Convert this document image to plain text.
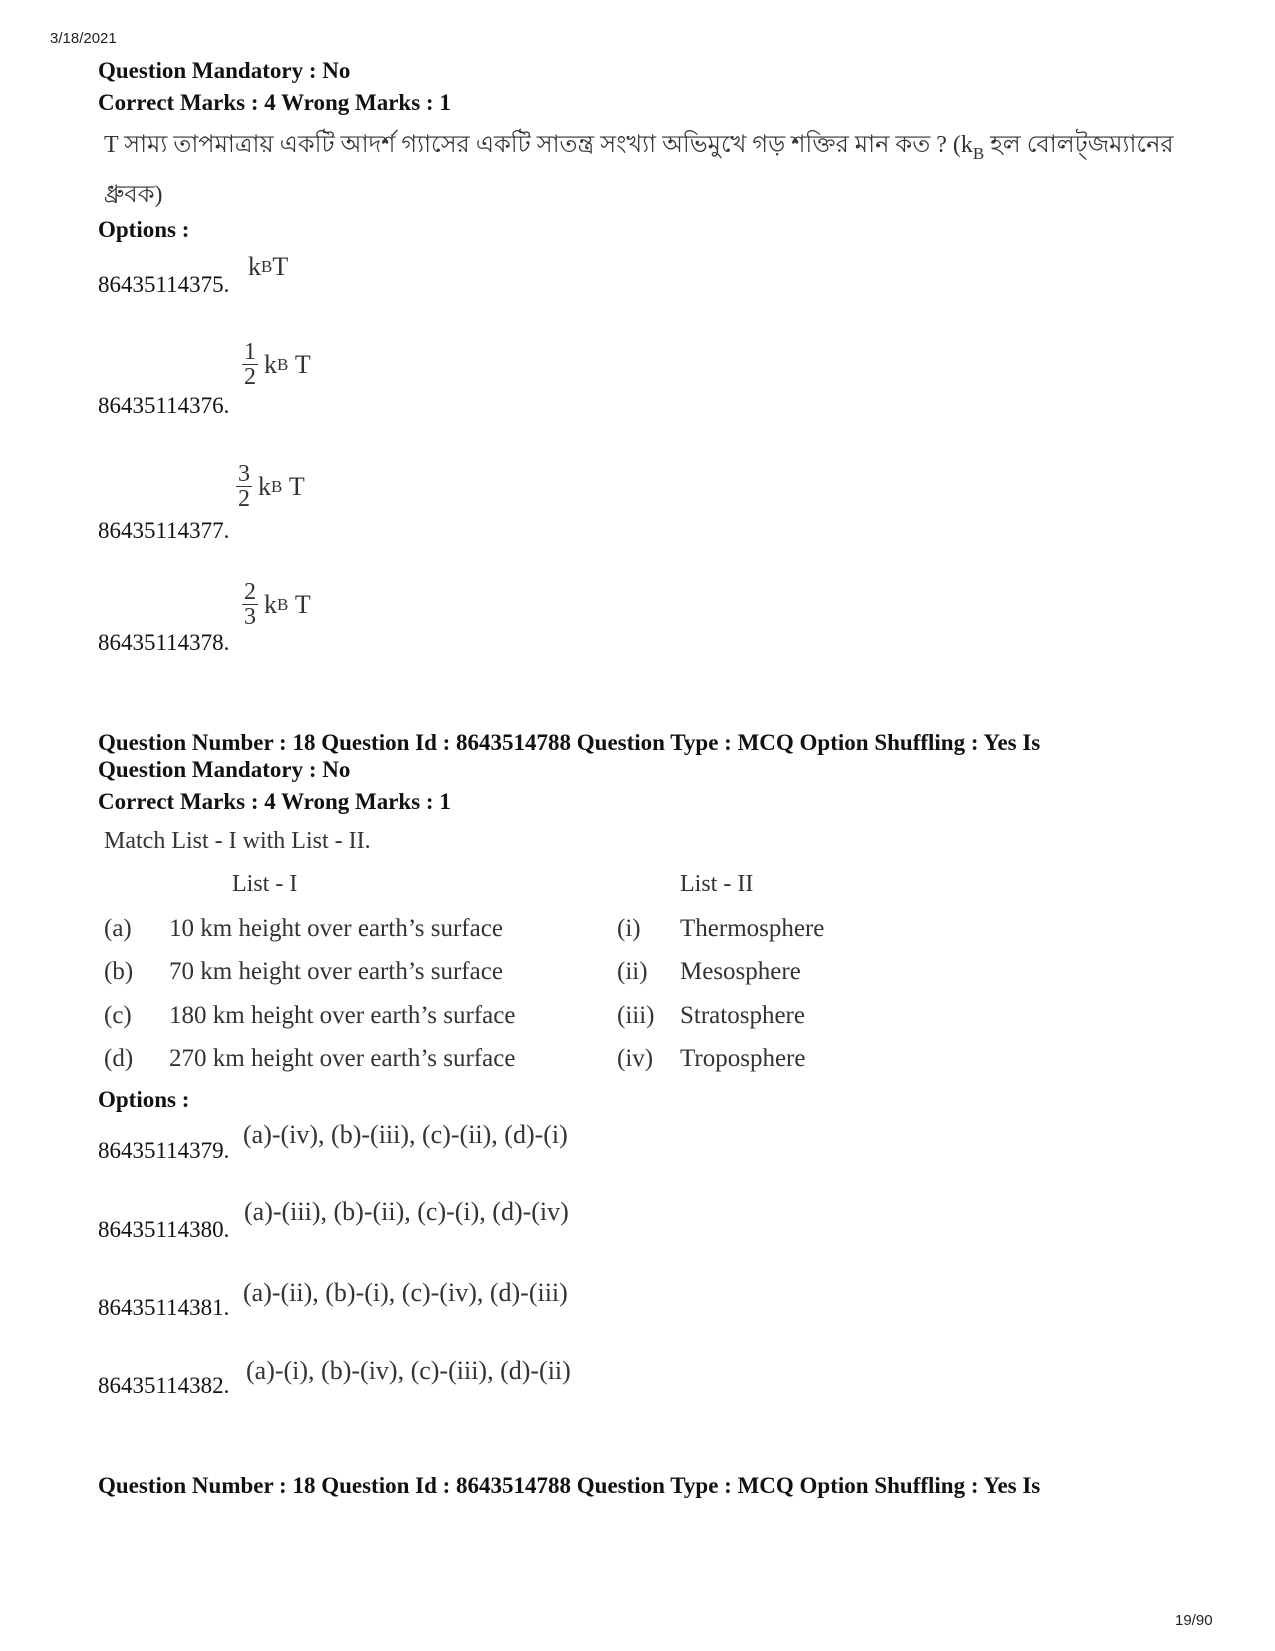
3/18/2021
Question Mandatory : No
Correct Marks : 4 Wrong Marks : 1
T সাম্য তাপমাত্রায় একটি আদর্শ গ্যাসের একটি সাতন্ত্র সংখ্যা অভিমুখে গড় শক্তির মান কত ? ($k_B$ হল বোলট্জম্যানের
ধ্রুবক)
Options :
k B T
86435114375.
$\frac{1}{2}$ k B
T
86435114376.
$\frac{3}{2}$ k B
T
86435114377.
$\frac{2}{3}$ k B
T
86435114378.
Question Number : 18 Question Id : 8643514788 Question Type : MCQ Option Shuffling : Yes Is
Question Mandatory : No
Correct Marks : 4 Wrong Marks : 1
Match List - I with List - II.
List - I	List - II
(a) 10 km height over earth’s surface	(i) Thermosphere
(b) 70 km height over earth’s surface	(ii) Mesosphere
(c) 180 km height over earth’s surface	(iii) Stratosphere
(d) 270 km height over earth’s surface	(iv) Troposphere
Options :
(a)-(iv), (b)-(iii), (c)-(ii), (d)-(i)
86435114379.
(a)-(iii), (b)-(ii), (c)-(i), (d)-(iv)
86435114380.
(a)-(ii), (b)-(i), (c)-(iv), (d)-(iii)
86435114381.
(a)-(i), (b)-(iv), (c)-(iii), (d)-(ii)
86435114382.
Question Number : 18 Question Id : 8643514788 Question Type : MCQ Option Shuffling : Yes Is
19/90
